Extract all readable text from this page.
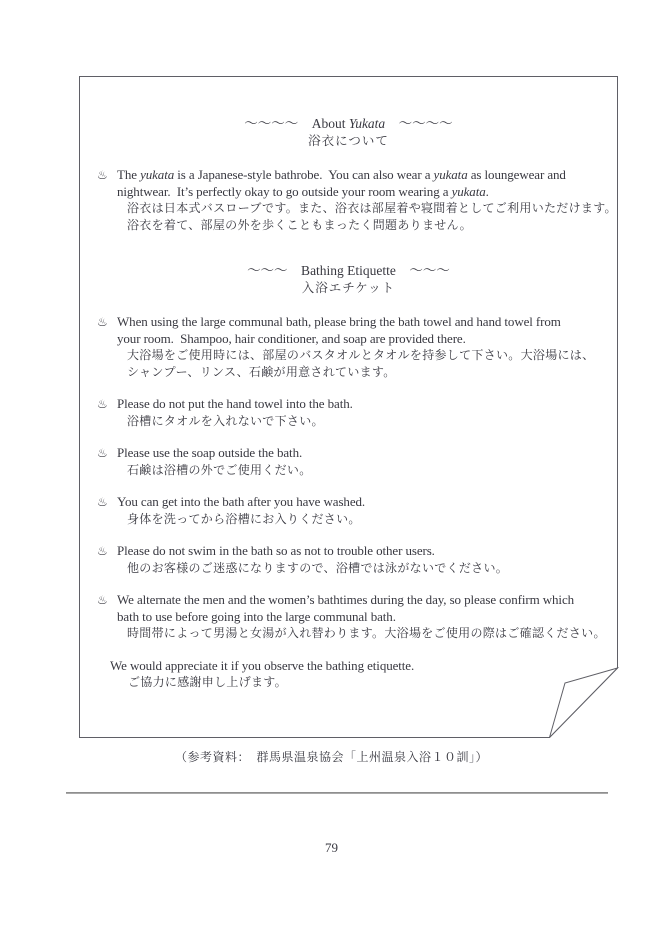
～～～～　About Yukata　～～～～
浴衣について
♨ The yukata is a Japanese-style bathrobe.  You can also wear a yukata as loungewear and
nightwear.  It’s perfectly okay to go outside your room wearing a yukata.
浴衣は日本式バスローブです。また、浴衣は部屋着や寝間着としてご利用いただけます。
浴衣を着て、部屋の外を歩くこともまったく問題ありません。
～～～　Bathing Etiquette　～～～
入浴エチケット
♨ When using the large communal bath, please bring the bath towel and hand towel from
your room.  Shampoo, hair conditioner, and soap are provided there.
大浴場をご使用時には、部屋のバスタオルとタオルを持参して下さい。大浴場には、
シャンプー、リンス、石鹸が用意されています。
♨ Please do not put the hand towel into the bath.
浴槽にタオルを入れないで下さい。
♨ Please use the soap outside the bath.
石鹸は浴槽の外でご使用くだい。
♨ You can get into the bath after you have washed.
身体を洗ってから浴槽にお入りください。
♨ Please do not swim in the bath so as not to trouble other users.
他のお客様のご迷惑になりますので、浴槽では泳がないでください。
♨ We alternate the men and the women’s bathtimes during the day, so please confirm which
bath to use before going into the large communal bath.
時間帯によって男湯と女湯が入れ替わります。大浴場をご使用の際はご確認ください。
We would appreciate it if you observe the bathing etiquette.
ご協力に感謝申し上げます。
（参考資料：　群馬県温泉協会「上州温泉入浴１０訓」）
79
